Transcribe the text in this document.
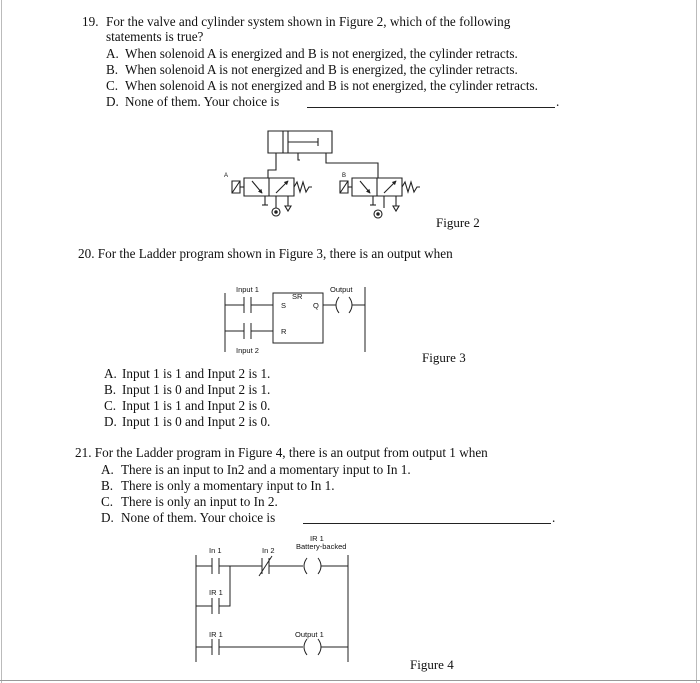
19. For the valve and cylinder system shown in Figure 2, which of the following
statements is true?
A. When solenoid A is energized and B is not energized, the cylinder retracts.
B. When solenoid A is not energized and B is energized, the cylinder retracts.
C. When solenoid A is not energized and B is not energized, the cylinder retracts.
D. None of them. Your choice is	.
A	B
Figure 2
20. For the Ladder program shown in Figure 3, there is an output when
Input 1
Input 2
SR
S
R
Q
Output
Figure 3
A. Input 1 is 1 and Input 2 is 1.
B. Input 1 is 0 and Input 2 is 1.
C. Input 1 is 1 and Input 2 is 0.
D. Input 1 is 0 and Input 2 is 0.
21. For the Ladder program in Figure 4, there is an output from output 1 when
A. There is an input to In2 and a momentary input to In 1.
B. There is only a momentary input to In 1.
C. There is only an input to In 2.
D. None of them. Your choice is	.
In 1	In 2
IR 1
Battery-backed
IR 1
IR 1	Output 1
Figure 4
